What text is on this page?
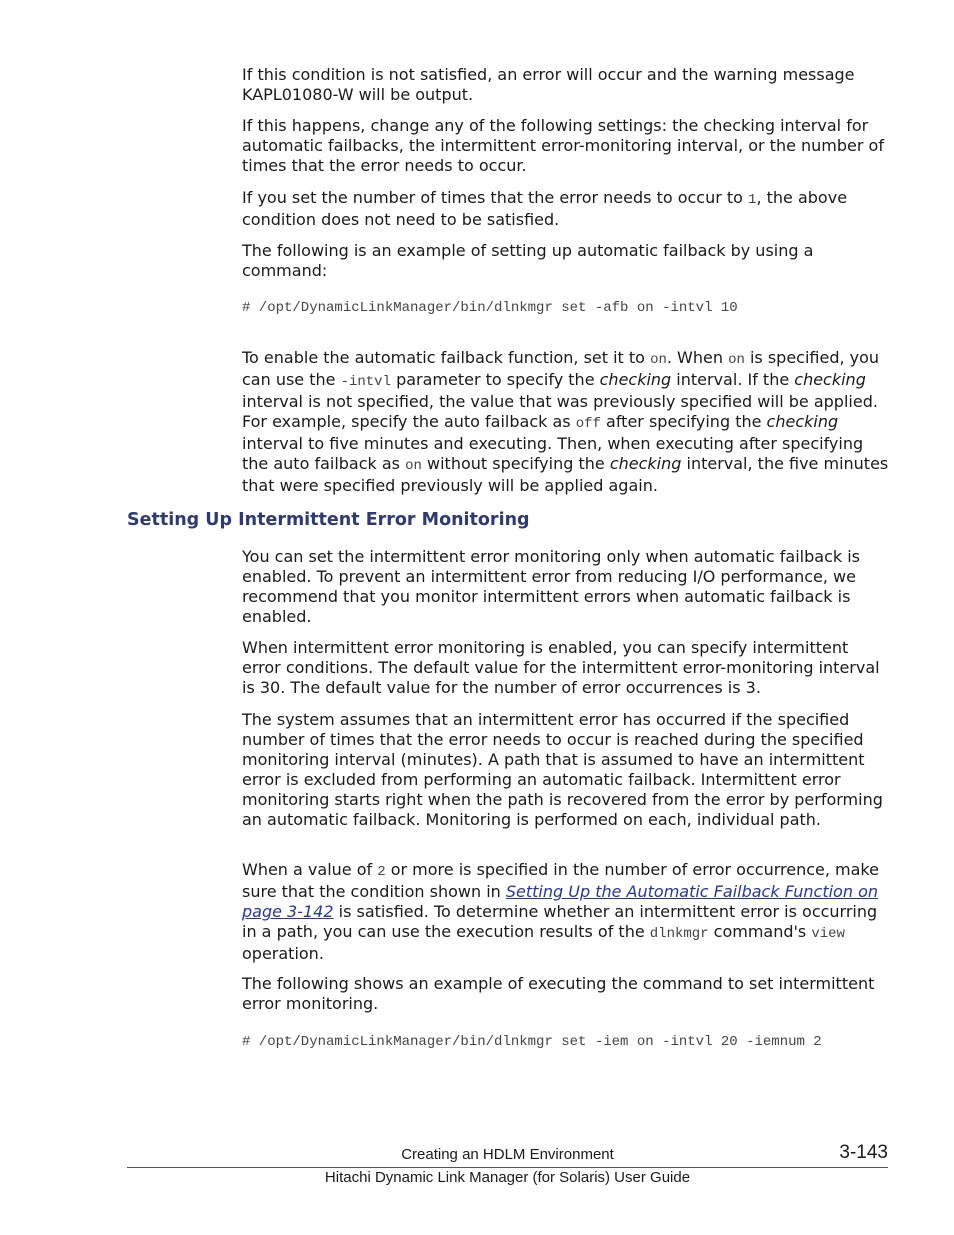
If this condition is not satisfied, an error will occur and the warning message KAPL01080-W will be output.

If this happens, change any of the following settings: the checking interval for automatic failbacks, the intermittent error-monitoring interval, or the number of times that the error needs to occur.

If you set the number of times that the error needs to occur to 1, the above condition does not need to be satisfied.

The following is an example of setting up automatic failback by using a command:

# /opt/DynamicLinkManager/bin/dlnkmgr set -afb on -intvl 10

To enable the automatic failback function, set it to on. When on is specified, you can use the -intvl parameter to specify the checking interval. If the checking interval is not specified, the value that was previously specified will be applied. For example, specify the auto failback as off after specifying the checking interval to five minutes and executing. Then, when executing after specifying the auto failback as on without specifying the checking interval, the five minutes that were specified previously will be applied again.

Setting Up Intermittent Error Monitoring

You can set the intermittent error monitoring only when automatic failback is enabled. To prevent an intermittent error from reducing I/O performance, we recommend that you monitor intermittent errors when automatic failback is enabled.

When intermittent error monitoring is enabled, you can specify intermittent error conditions. The default value for the intermittent error-monitoring interval is 30. The default value for the number of error occurrences is 3.

The system assumes that an intermittent error has occurred if the specified number of times that the error needs to occur is reached during the specified monitoring interval (minutes). A path that is assumed to have an intermittent error is excluded from performing an automatic failback. Intermittent error monitoring starts right when the path is recovered from the error by performing an automatic failback. Monitoring is performed on each, individual path.

When a value of 2 or more is specified in the number of error occurrence, make sure that the condition shown in Setting Up the Automatic Failback Function on page 3-142 is satisfied. To determine whether an intermittent error is occurring in a path, you can use the execution results of the dlnkmgr command's view operation.

The following shows an example of executing the command to set intermittent error monitoring.

# /opt/DynamicLinkManager/bin/dlnkmgr set -iem on -intvl 20 -iemnum 2
Creating an HDLM Environment	3-143
Hitachi Dynamic Link Manager (for Solaris) User Guide
